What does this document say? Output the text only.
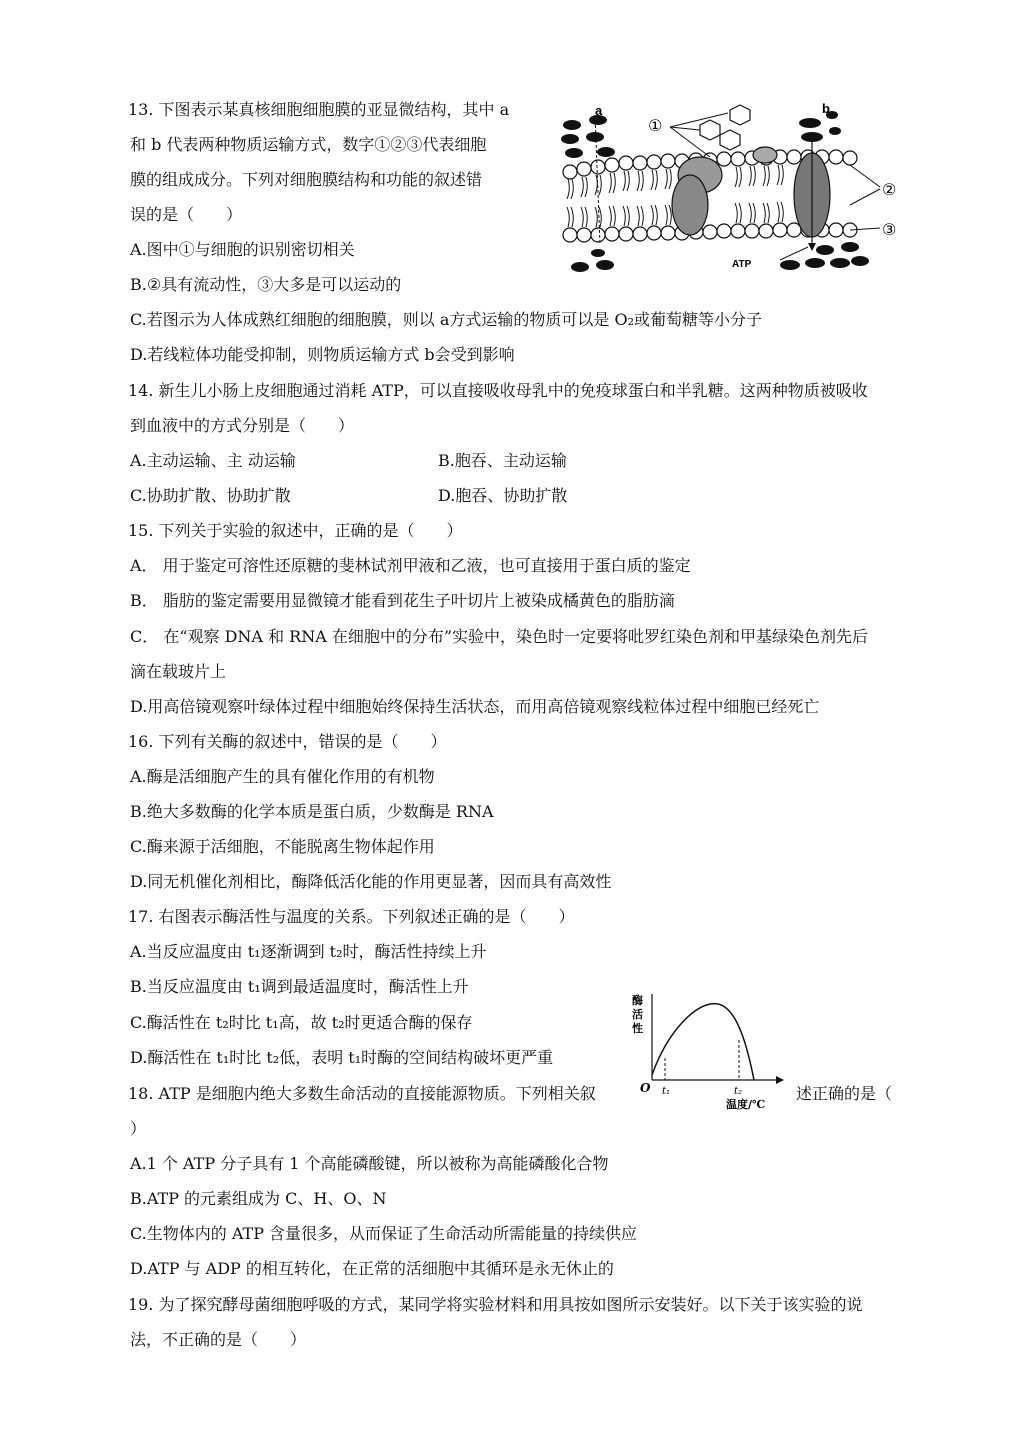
13. 下图表示某真核细胞细胞膜的亚显微结构，其中 a
和 b 代表两种物质运输方式，数字①②③代表细胞
膜的组成成分。下列对细胞膜结构和功能的叙述错
误的是（　　）
A.图中①与细胞的识别密切相关
B.②具有流动性，③大多是可以运动的
C.若图示为人体成熟红细胞的细胞膜，则以 a方式运输的物质可以是 O₂或葡萄糖等小分子
D.若线粒体功能受抑制，则物质运输方式 b会受到影响
a	b
①
②
③
ATP
14. 新生儿小肠上皮细胞通过消耗 ATP，可以直接吸收母乳中的免疫球蛋白和半乳糖。这两种物质被吸收
到血液中的方式分别是（　　）
A.主动运输、主 动运输	B.胞吞、主动运输
C.协助扩散、协助扩散	D.胞吞、协助扩散
15. 下列关于实验的叙述中，正确的是（　　）
A． 用于鉴定可溶性还原糖的斐林试剂甲液和乙液，也可直接用于蛋白质的鉴定
B． 脂肪的鉴定需要用显微镜才能看到花生子叶切片上被染成橘黄色的脂肪滴
C． 在“观察 DNA 和 RNA 在细胞中的分布”实验中，染色时一定要将吡罗红染色剂和甲基绿染色剂先后
滴在载玻片上
D.用高倍镜观察叶绿体过程中细胞始终保持生活状态，而用高倍镜观察线粒体过程中细胞已经死亡
16. 下列有关酶的叙述中，错误的是（　　）
A.酶是活细胞产生的具有催化作用的有机物
B.绝大多数酶的化学本质是蛋白质，少数酶是 RNA
C.酶来源于活细胞，不能脱离生物体起作用
D.同无机催化剂相比，酶降低活化能的作用更显著，因而具有高效性
17. 右图表示酶活性与温度的关系。下列叙述正确的是（　　）
A.当反应温度由 t₁逐渐调到 t₂时，酶活性持续上升
B.当反应温度由 t₁调到最适温度时，酶活性上升
C.酶活性在 t₂时比 t₁高，故 t₂时更适合酶的保存
D.酶活性在 t₁时比 t₂低，表明 t₁时酶的空间结构破坏更严重
酶 活 性
O t₁	t₂
温度/℃
18. ATP 是细胞内绝大多数生命活动的直接能源物质。下列相关叙	述正确的是（
）
A.1 个 ATP 分子具有 1 个高能磷酸键，所以被称为高能磷酸化合物
B.ATP 的元素组成为 C、H、O、N
C.生物体内的 ATP 含量很多，从而保证了生命活动所需能量的持续供应
D.ATP 与 ADP 的相互转化，在正常的活细胞中其循环是永无休止的
19. 为了探究酵母菌细胞呼吸的方式，某同学将实验材料和用具按如图所示安装好。以下关于该实验的说
法，不正确的是（　　）
